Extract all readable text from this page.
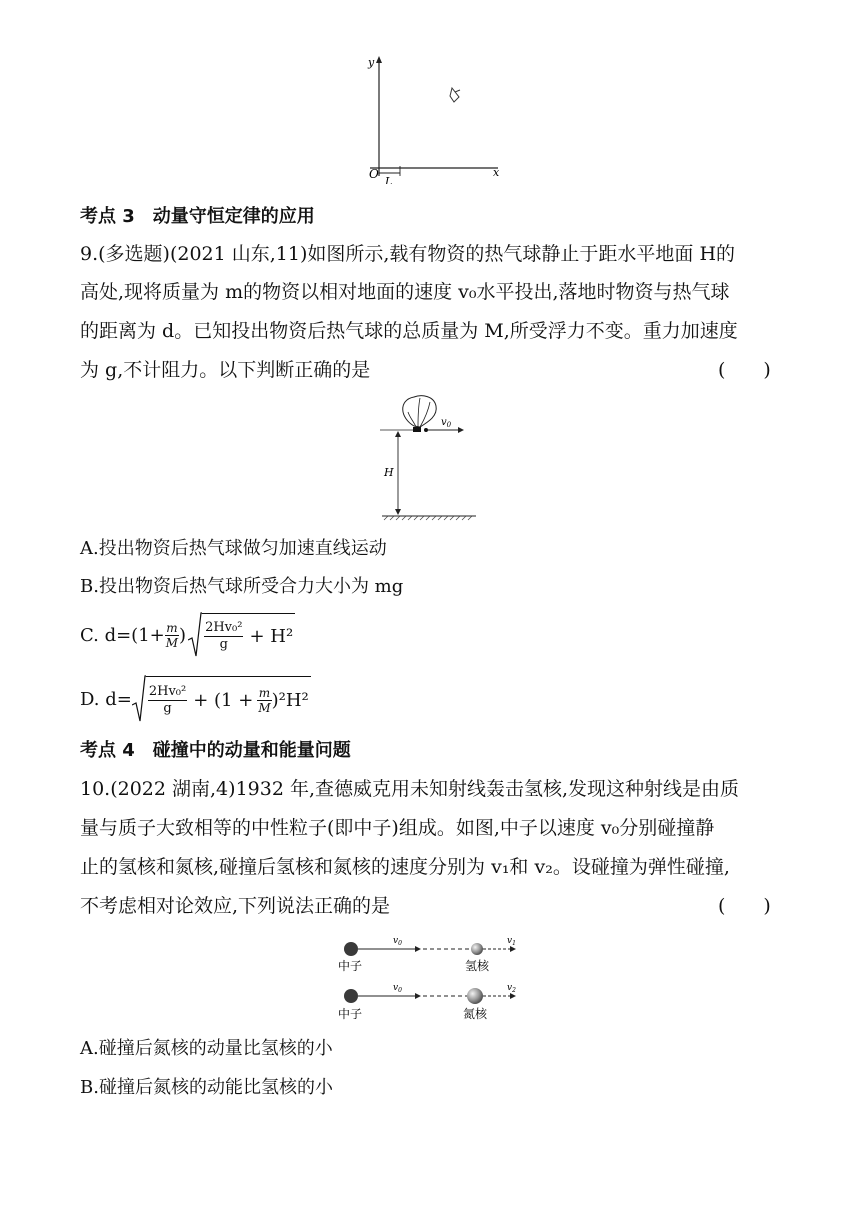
y
x
O
L
考点 3　动量守恒定律的应用
9.(多选题)(2021 山东,11)如图所示,载有物资的热气球静止于距水平地面 H的
高处,现将质量为 m的物资以相对地面的速度 v₀水平投出,落地时物资与热气球
的距离为 d。已知投出物资后热气球的总质量为 M,所受浮力不变。重力加速度
为 g,不计阻力。以下判断正确的是	(　　)
$v_0$
H
A.投出物资后热气球做匀加速直线运动
B.投出物资后热气球所受合力大小为 mg
C. $d=(1+ \frac{m}{M}$ ) $\frac{\text{2Hv₀²}}{g} + H^2$
D. $d= \frac{\text{2Hv₀²}}{g} + (1 + \frac{m}{M} )^2H^2$
考点 4　碰撞中的动量和能量问题
10.(2022 湖南,4)1932 年,查德威克用未知射线轰击氢核,发现这种射线是由质
量与质子大致相等的中性粒子(即中子)组成。如图,中子以速度 v₀分别碰撞静
止的氢核和氮核,碰撞后氢核和氮核的速度分别为 v₁和 v₂。设碰撞为弹性碰撞,
不考虑相对论效应,下列说法正确的是	(　　)
$v_0$	$v_1$
中子	氢核
$v_0$	$v_2$
中子	氮核
A.碰撞后氮核的动量比氢核的小
B.碰撞后氮核的动能比氢核的小
